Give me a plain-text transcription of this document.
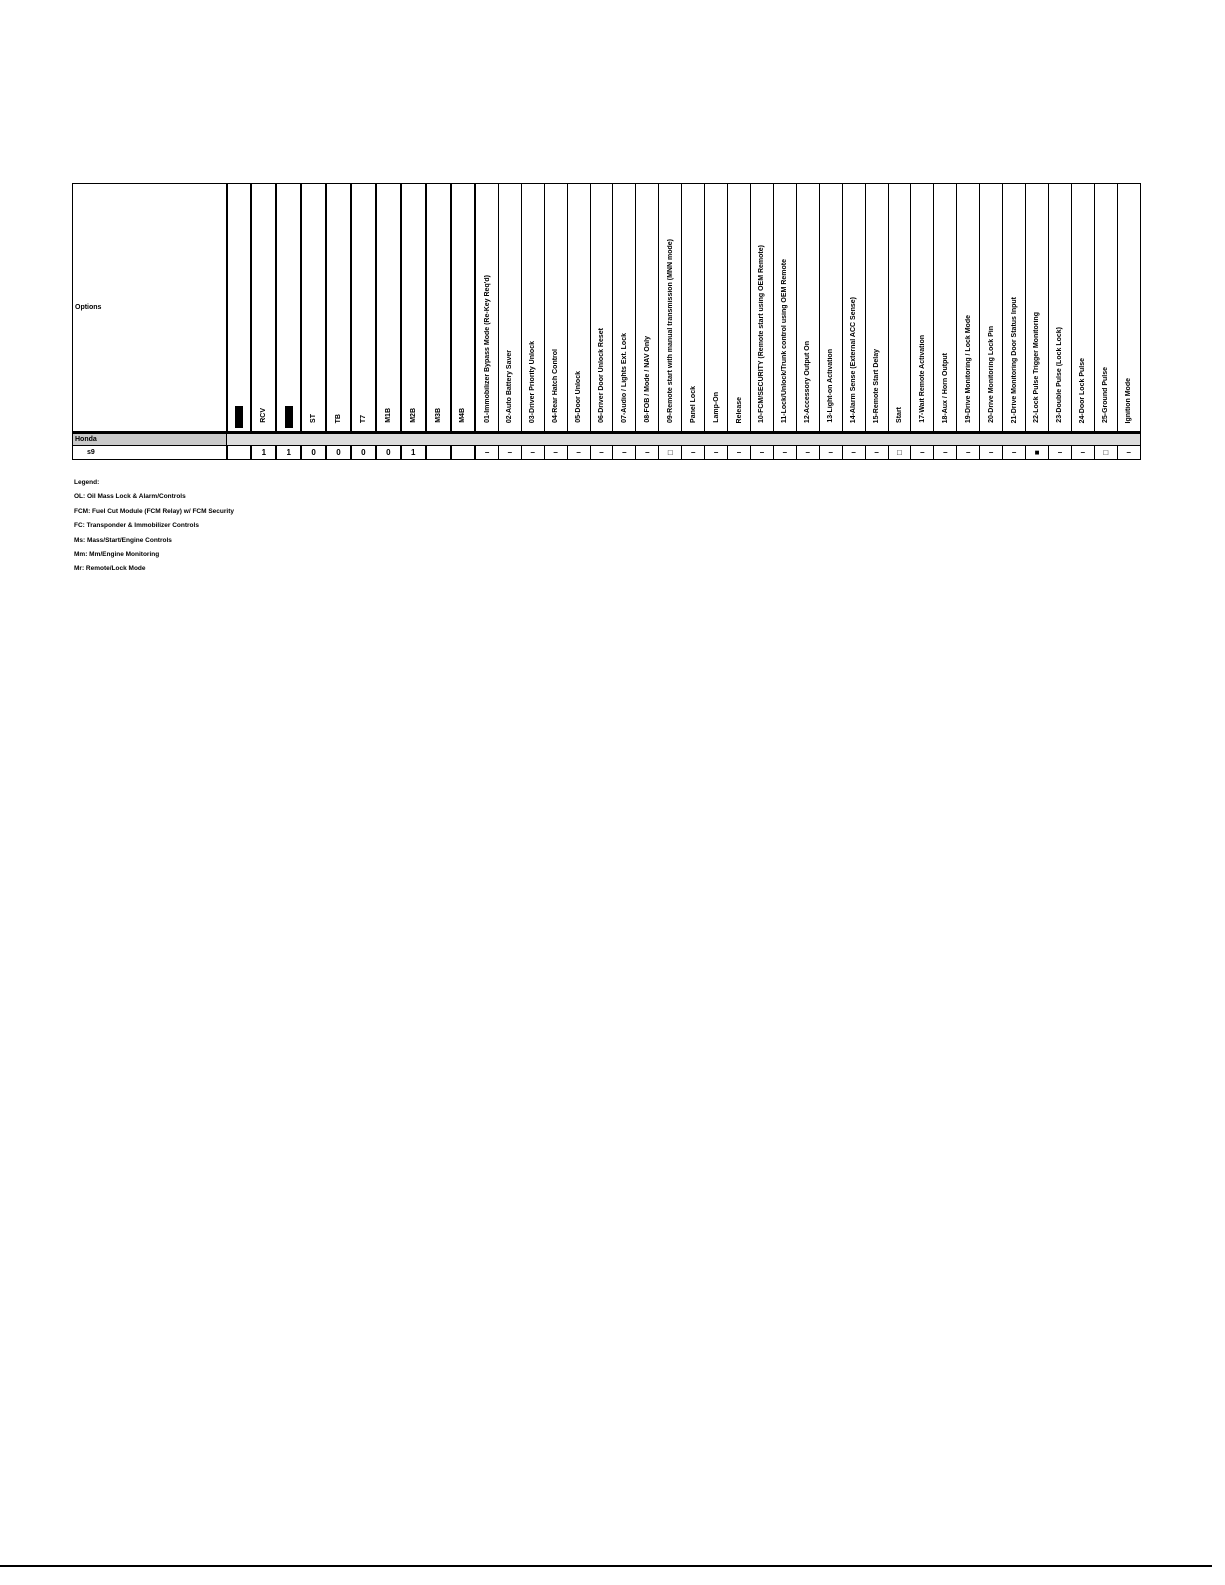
Options		RCV		ST	TB	T7	M1B	M2B	M3B	M4B	01-Immobilizer Bypass Mode (Re-Key Req'd)	02-Auto Battery Saver	03-Driver Priority Unlock	04-Rear Hatch Control	05-Door Unlock	06-Driver Door Unlock Reset	07-Audio / Lights Ext. Lock	08-FOB / Mode / NAV Only	09-Remote start with manual transmission (MNN mode)	Panel Lock	Lamp-On	Release	10-FCM/SECURITY (Remote start using OEM Remote)	11-Lock/Unlock/Trunk control using OEM Remote	12-Accessory Output On	13-Light-on Activation	14-Alarm Sense (External ACC Sense)	15-Remote Start Delay	Start	17-Wait Remote Activation	18-Aux / Horn Output	19-Drive Monitoring / Lock Mode	20-Drive Monitoring Lock Pin	21-Drive Monitoring Door Status Input	22-Lock Pulse Trigger Monitoring	23-Double Pulse (Lock Lock)	24-Door Lock Pulse	25-Ground Pulse	Ignition Mode
Honda																																							
s9		1	1	0	0	0	0	1			–	–	–	–	–	–	–	–	□	–	–	–	–	–	–	–	–	–	□	–	–	–	–	–	■	–	–	□	–
Legend:
OL: Oil Mass Lock & Alarm/Controls
FCM: Fuel Cut Module (FCM Relay) w/ FCM Security
FC: Transponder & Immobilizer Controls
Ms: Mass/Start/Engine Controls
Mm: Mm/Engine Monitoring
Mr: Remote/Lock Mode
